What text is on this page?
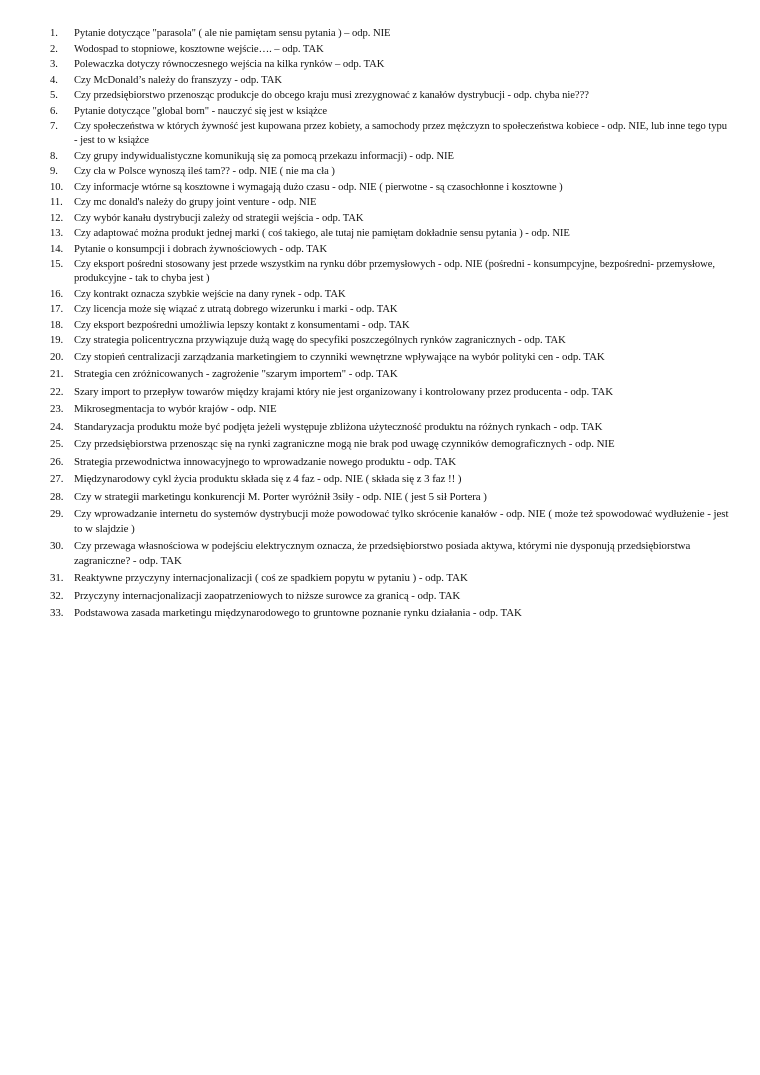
1.	Pytanie dotyczące "parasola" ( ale nie pamiętam sensu pytania ) – odp. NIE
2.	Wodospad to stopniowe, kosztowne wejście…. – odp. TAK
3.	Polewaczka dotyczy równoczesnego wejścia na kilka rynków – odp. TAK
4.	Czy McDonald’s należy do franszyzy - odp. TAK
5.	Czy przedsiębiorstwo przenosząc produkcje do obcego kraju musi zrezygnować z kanałów dystrybucji - odp. chyba nie???
6.	Pytanie dotyczące "global born" - nauczyć się jest w książce
7.	Czy społeczeństwa w których żywność jest kupowana przez kobiety, a samochody przez mężczyzn to społeczeństwa kobiece - odp. NIE, lub inne tego typu - jest to w książce
8.	Czy grupy indywidualistyczne komunikują się za pomocą przekazu informacji) - odp. NIE
9.	Czy cła w Polsce wynoszą ileś tam?? - odp. NIE ( nie ma cła )
10.	Czy informacje wtórne są kosztowne i wymagają dużo czasu - odp. NIE ( pierwotne - są czasochłonne i kosztowne )
11.	Czy mc donald's należy do grupy joint venture - odp. NIE
12.	Czy wybór kanału dystrybucji zależy od strategii wejścia - odp. TAK
13.	Czy adaptować można produkt jednej marki ( coś takiego, ale tutaj nie pamiętam dokładnie sensu pytania ) - odp. NIE
14.	Pytanie o konsumpcji i dobrach żywnościowych - odp. TAK
15.	Czy eksport pośredni stosowany jest przede wszystkim na rynku dóbr przemysłowych - odp. NIE (pośredni - konsumpcyjne, bezpośredni- przemysłowe, produkcyjne - tak to chyba jest )
16.	Czy kontrakt oznacza szybkie wejście na dany rynek - odp. TAK
17.	Czy licencja może się wiązać z utratą dobrego wizerunku i marki - odp. TAK
18.	Czy eksport bezpośredni umożliwia lepszy kontakt z konsumentami - odp. TAK
19.	Czy strategia policentryczna przywiązuje dużą wagę do specyfiki poszczególnych rynków zagranicznych - odp. TAK
20. Czy stopień centralizacji zarządzania marketingiem to czynniki wewnętrzne wpływające na wybór polityki cen - odp. TAK
21. Strategia cen zróżnicowanych - zagrożenie "szarym importem" - odp. TAK
22. Szary import to przepływ towarów między krajami który nie jest organizowany i kontrolowany przez producenta - odp. TAK
23. Mikrosegmentacja to wybór krajów - odp. NIE
24. Standaryzacja produktu może być podjęta jeżeli występuje zbliżona użyteczność produktu na różnych rynkach - odp. TAK
25. Czy przedsiębiorstwa przenosząc się na rynki zagraniczne mogą nie brak pod uwagę czynników demograficznych - odp. NIE
26. Strategia przewodnictwa innowacyjnego to wprowadzanie nowego produktu - odp. TAK
27. Międzynarodowy cykl życia produktu składa się z 4 faz - odp. NIE ( składa się z 3 faz !! )
28. Czy w strategii marketingu konkurencji M. Porter wyróżnił 3siły - odp. NIE ( jest 5 sił Portera )
29. Czy wprowadzanie internetu do systemów dystrybucji może powodować tylko skrócenie kanałów - odp. NIE ( może też spowodować wydłużenie - jest to w slajdzie )
30. Czy przewaga własnościowa w podejściu elektrycznym oznacza, że przedsiębiorstwo posiada aktywa, którymi nie dysponują przedsiębiorstwa zagraniczne? - odp. TAK
31. Reaktywne przyczyny internacjonalizacji ( coś ze spadkiem popytu w pytaniu ) - odp. TAK
32. Przyczyny internacjonalizacji zaopatrzeniowych to niższe surowce za granicą - odp. TAK
33. Podstawowa zasada marketingu międzynarodowego to gruntowne poznanie rynku działania - odp. TAK
